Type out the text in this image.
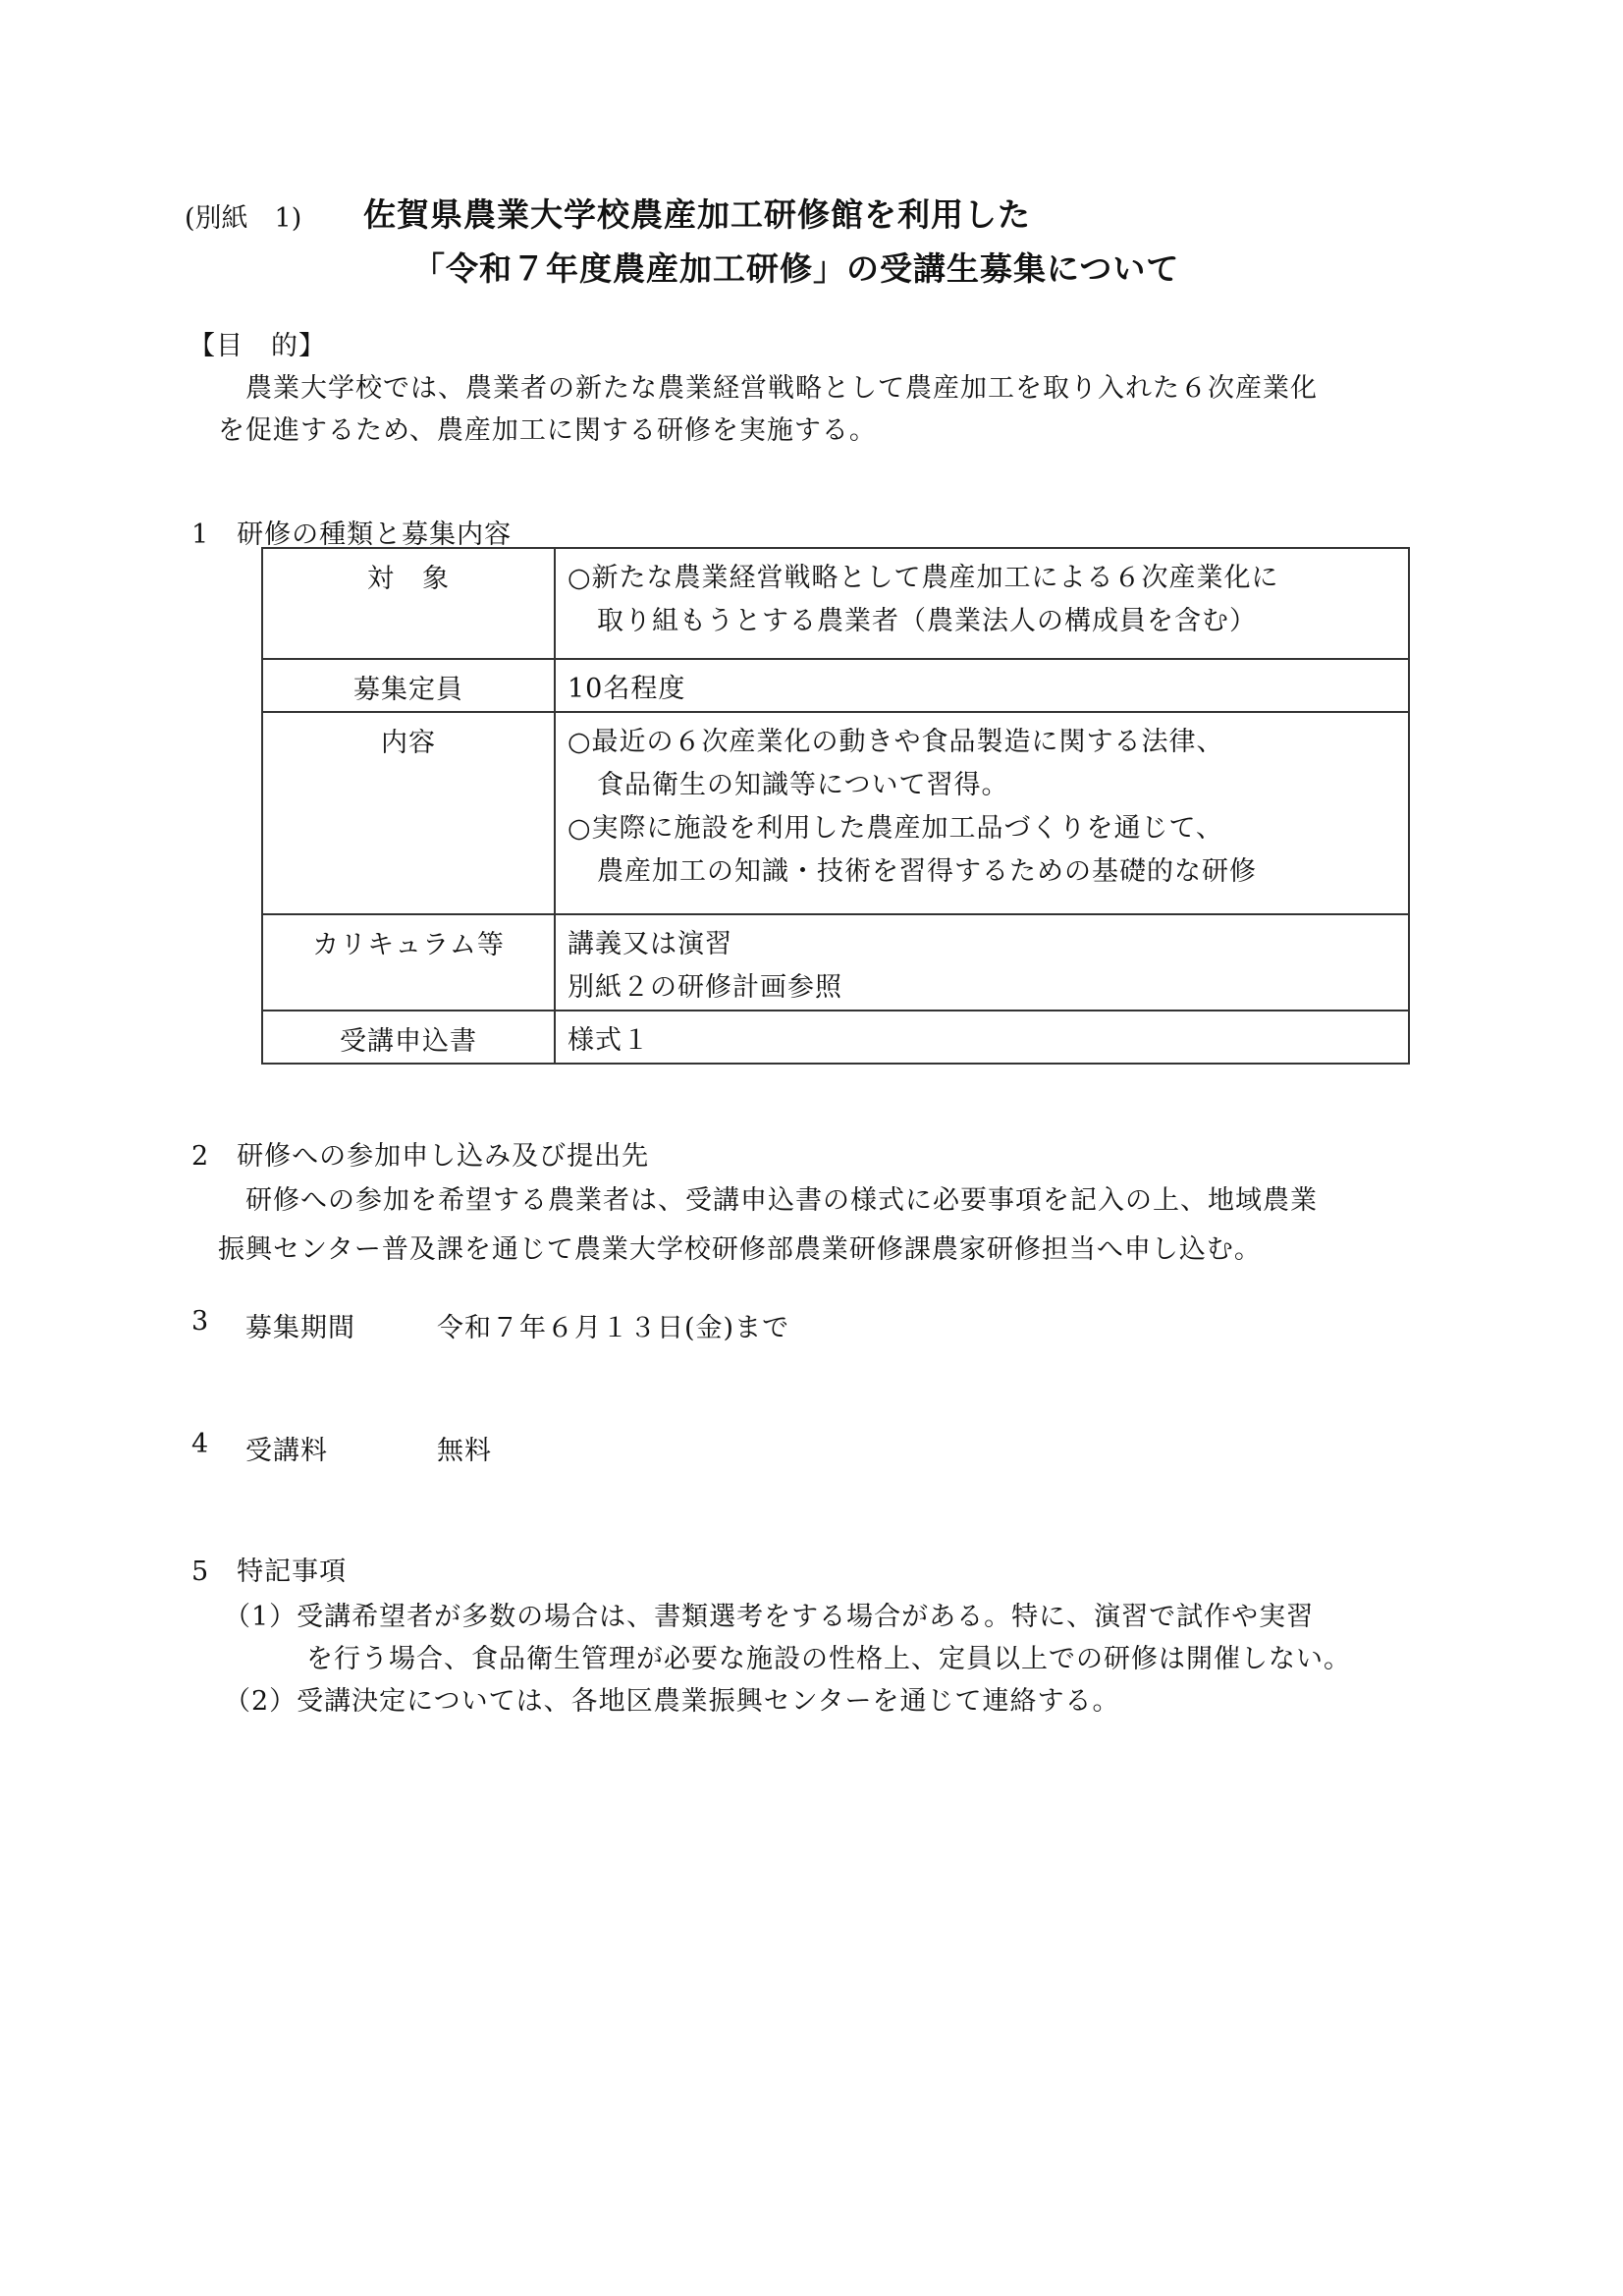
(別紙　1) 佐賀県農業大学校農産加工研修館を利用した
「令和７年度農産加工研修」の受講生募集について
【目　的】
農業大学校では、農業者の新たな農業経営戦略として農産加工を取り入れた６次産業化
を促進するため、農産加工に関する研修を実施する。
1　研修の種類と募集内容
対　象	○新たな農業経営戦略として農産加工による６次産業化に
取り組もうとする農業者（農業法人の構成員を含む）

募集定員	10名程度

内容	○最近の６次産業化の動きや食品製造に関する法律、
食品衛生の知識等について習得。
○実際に施設を利用した農産加工品づくりを通じて、
農産加工の知識・技術を習得するための基礎的な研修

カリキュラム等	講義又は演習
別紙２の研修計画参照

受講申込書	様式１
2　研修への参加申し込み及び提出先
研修への参加を希望する農業者は、受講申込書の様式に必要事項を記入の上、地域農業
振興センター普及課を通じて農業大学校研修部農業研修課農家研修担当へ申し込む。
3 募集期間	令和７年６月１３日(金)まで
4 受講料	無料
5　特記事項
（1）受講希望者が多数の場合は、書類選考をする場合がある。特に、演習で試作や実習
を行う場合、食品衛生管理が必要な施設の性格上、定員以上での研修は開催しない。
（2）受講決定については、各地区農業振興センターを通じて連絡する。
